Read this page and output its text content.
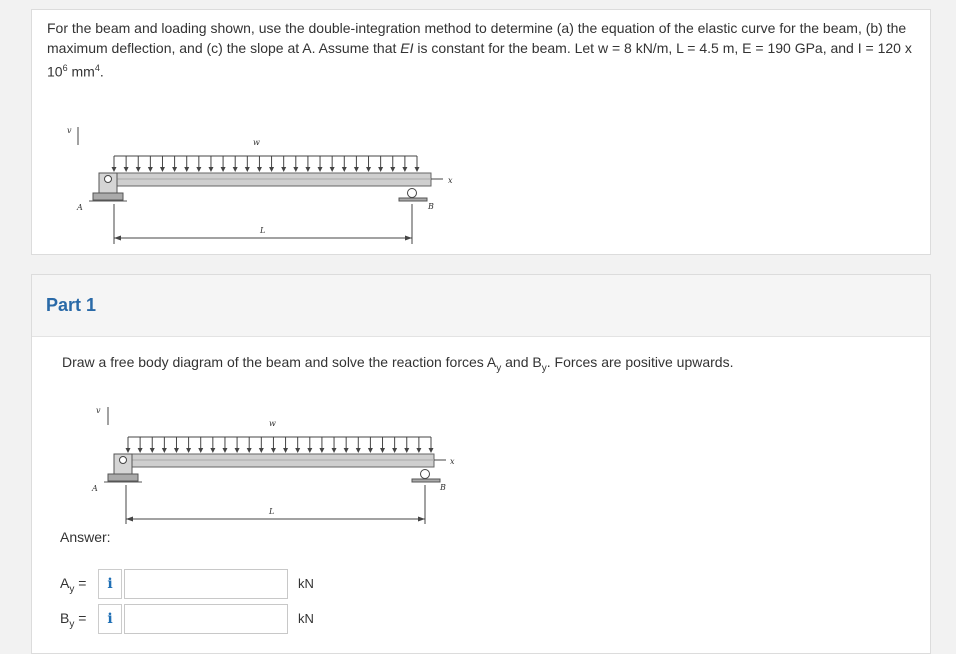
For the beam and loading shown, use the double-integration method to determine (a) the equation of the elastic curve for the beam, (b) the maximum deflection, and (c) the slope at A. Assume that EI is constant for the beam. Let w = 8 kN/m, L = 4.5 m, E = 190 GPa, and I = 120 x $10^6$ $mm^4$.

v
w
A	B
x
L
Part 1

Draw a free body diagram of the beam and solve the reaction forces $A_y$ and $B_y$. Forces are positive upwards.

v
w
A	B
x
L
Answer:
$A_y$ =	i	kN
$B_y$ =	i	kN
